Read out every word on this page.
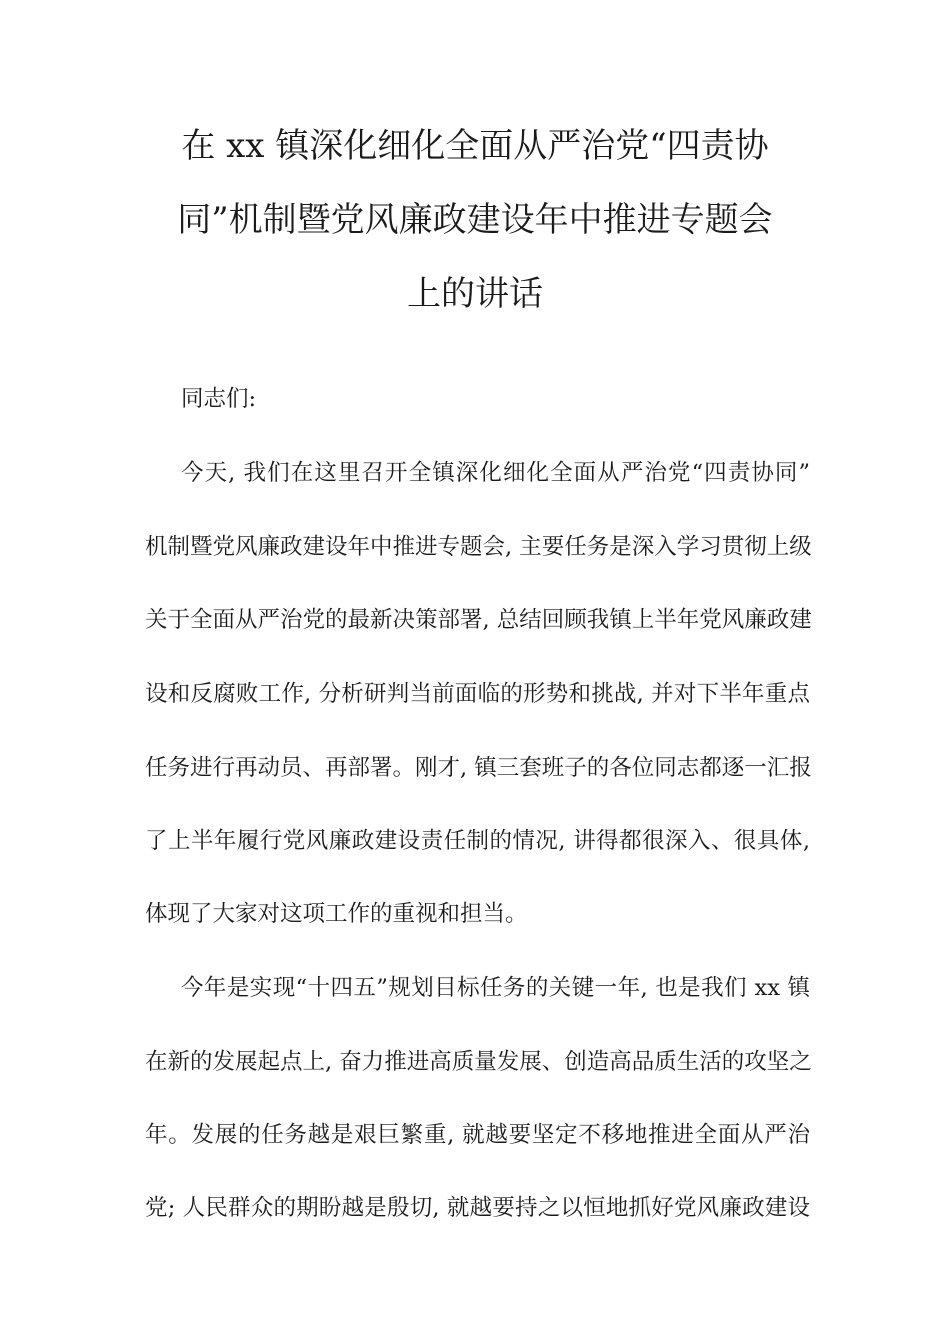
在 xx 镇深化细化全面从严治党“四责协
同”机制暨党风廉政建设年中推进专题会
上的讲话
同志们:
今天, 我们在这里召开全镇深化细化全面从严治党“四责协同”
机制暨党风廉政建设年中推进专题会, 主要任务是深入学习贯彻上级
关于全面从严治党的最新决策部署, 总结回顾我镇上半年党风廉政建
设和反腐败工作, 分析研判当前面临的形势和挑战, 并对下半年重点
任务进行再动员、再部署。刚才, 镇三套班子的各位同志都逐一汇报
了上半年履行党风廉政建设责任制的情况, 讲得都很深入、很具体,
体现了大家对这项工作的重视和担当。
今年是实现“十四五”规划目标任务的关键一年, 也是我们 xx 镇
在新的发展起点上, 奋力推进高质量发展、创造高品质生活的攻坚之
年。发展的任务越是艰巨繁重, 就越要坚定不移地推进全面从严治
党; 人民群众的期盼越是殷切, 就越要持之以恒地抓好党风廉政建设
